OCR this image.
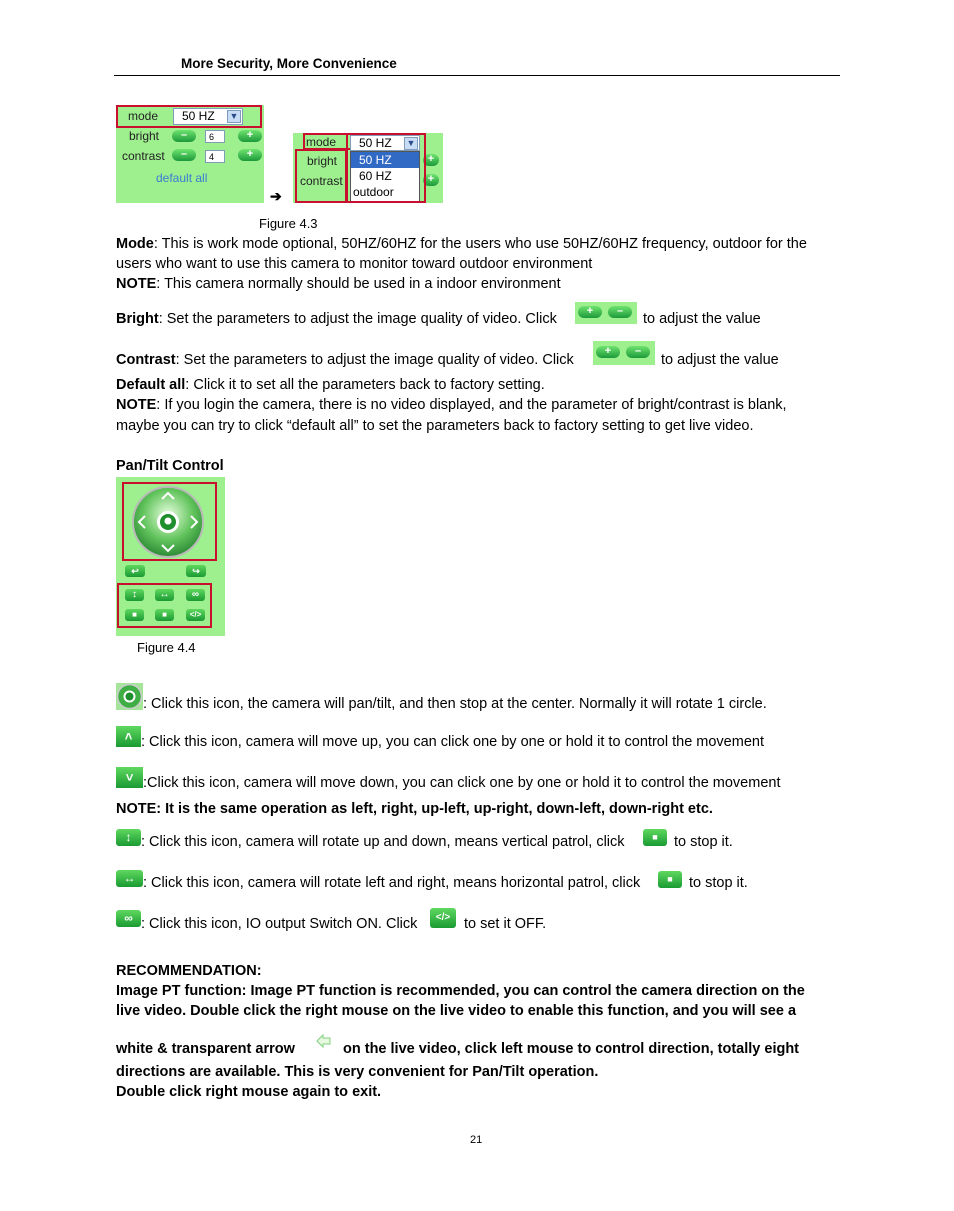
More Security, More Convenience
mode	50 HZ ▼
bright	–	6	+
contrast	–	4	+
default all
➔
mode	50 HZ ▼
bright
contrast
+
+
50 HZ
60 HZ
outdoor
Figure 4.3
Mode: This is work mode optional, 50HZ/60HZ for the users who use 50HZ/60HZ frequency, outdoor for the
users who want to use this camera to monitor toward outdoor environment
NOTE: This camera normally should be used in a indoor environment
Bright: Set the parameters to adjust the image quality of video. Click	+	–	to adjust the value
Contrast: Set the parameters to adjust the image quality of video. Click
+	–
to adjust the value
Default all: Click it to set all the parameters back to factory setting.
NOTE: If you login the camera, there is no video displayed, and the parameter of bright/contrast is blank,
maybe you can try to click “default all” to set the parameters back to factory setting to get live video.
Pan/Tilt Control
↩	↪
↕	↔	∞
■	■	</>
Figure 4.4
: Click this icon, the camera will pan/tilt, and then stop at the center. Normally it will rotate 1 circle.
˄ : Click this icon, camera will move up, you can click one by one or hold it to control the movement
˅ :Click this icon, camera will move down, you can click one by one or hold it to control the movement
NOTE: It is the same operation as left, right, up-left, up-right, down-left, down-right etc.
↕ : Click this icon, camera will rotate up and down, means vertical patrol, click	■	to stop it.
↔ : Click this icon, camera will rotate left and right, means horizontal patrol, click	■	to stop it.
∞ : Click this icon, IO output Switch ON. Click	</> to set it OFF.
RECOMMENDATION:
Image PT function: Image PT function is recommended, you can control the camera direction on the
live video. Double click the right mouse on the live video to enable this function, and you will see a
white & transparent arrow	on the live video, click left mouse to control direction, totally eight
directions are available. This is very convenient for Pan/Tilt operation.
Double click right mouse again to exit.
21
